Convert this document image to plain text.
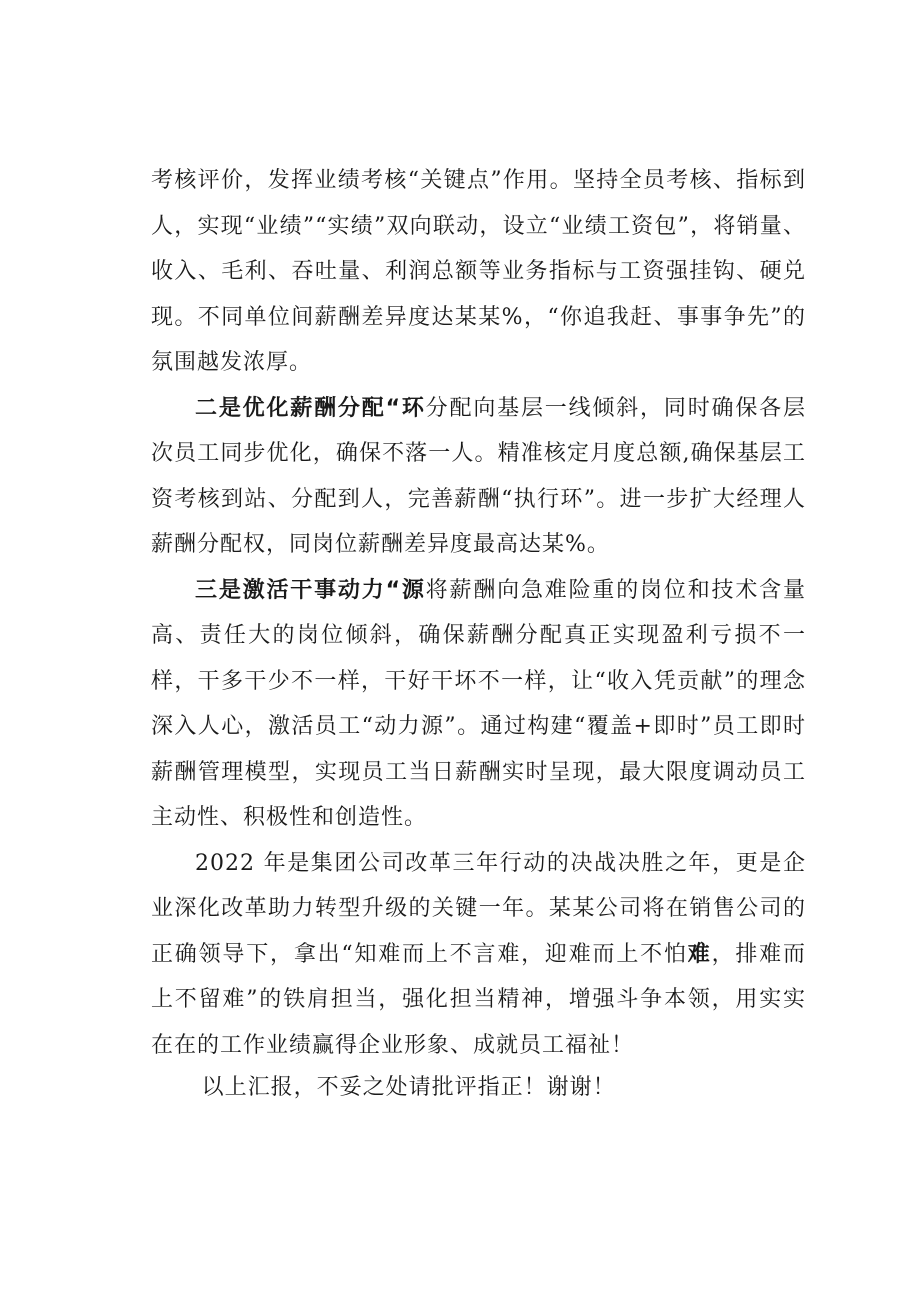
考核评价，发挥业绩考核“关键点”作用。坚持全员考核、指标到人，实现“业绩”“实绩”双向联动，设立“业绩工资包”，将销量、收入、毛利、吞吐量、利润总额等业务指标与工资强挂钩、硬兑现。不同单位间薪酬差异度达某某%，“你追我赶、事事争先”的氛围越发浓厚。

二是优化薪酬分配“环分配向基层一线倾斜，同时确保各层次员工同步优化，确保不落一人。精准核定月度总额,确保基层工资考核到站、分配到人，完善薪酬“执行环”。进一步扩大经理人薪酬分配权，同岗位薪酬差异度最高达某%。

三是激活干事动力“源将薪酬向急难险重的岗位和技术含量高、责任大的岗位倾斜，确保薪酬分配真正实现盈利亏损不一样，干多干少不一样，干好干坏不一样，让“收入凭贡献”的理念深入人心，激活员工“动力源”。通过构建“覆盖+即时”员工即时薪酬管理模型，实现员工当日薪酬实时呈现，最大限度调动员工主动性、积极性和创造性。

2022 年是集团公司改革三年行动的决战决胜之年，更是企业深化改革助力转型升级的关键一年。某某公司将在销售公司的正确领导下，拿出“知难而上不言难，迎难而上不怕难，排难而上不留难”的铁肩担当，强化担当精神，增强斗争本领，用实实在在的工作业绩赢得企业形象、成就员工福祉！

以上汇报，不妥之处请批评指正！谢谢！
